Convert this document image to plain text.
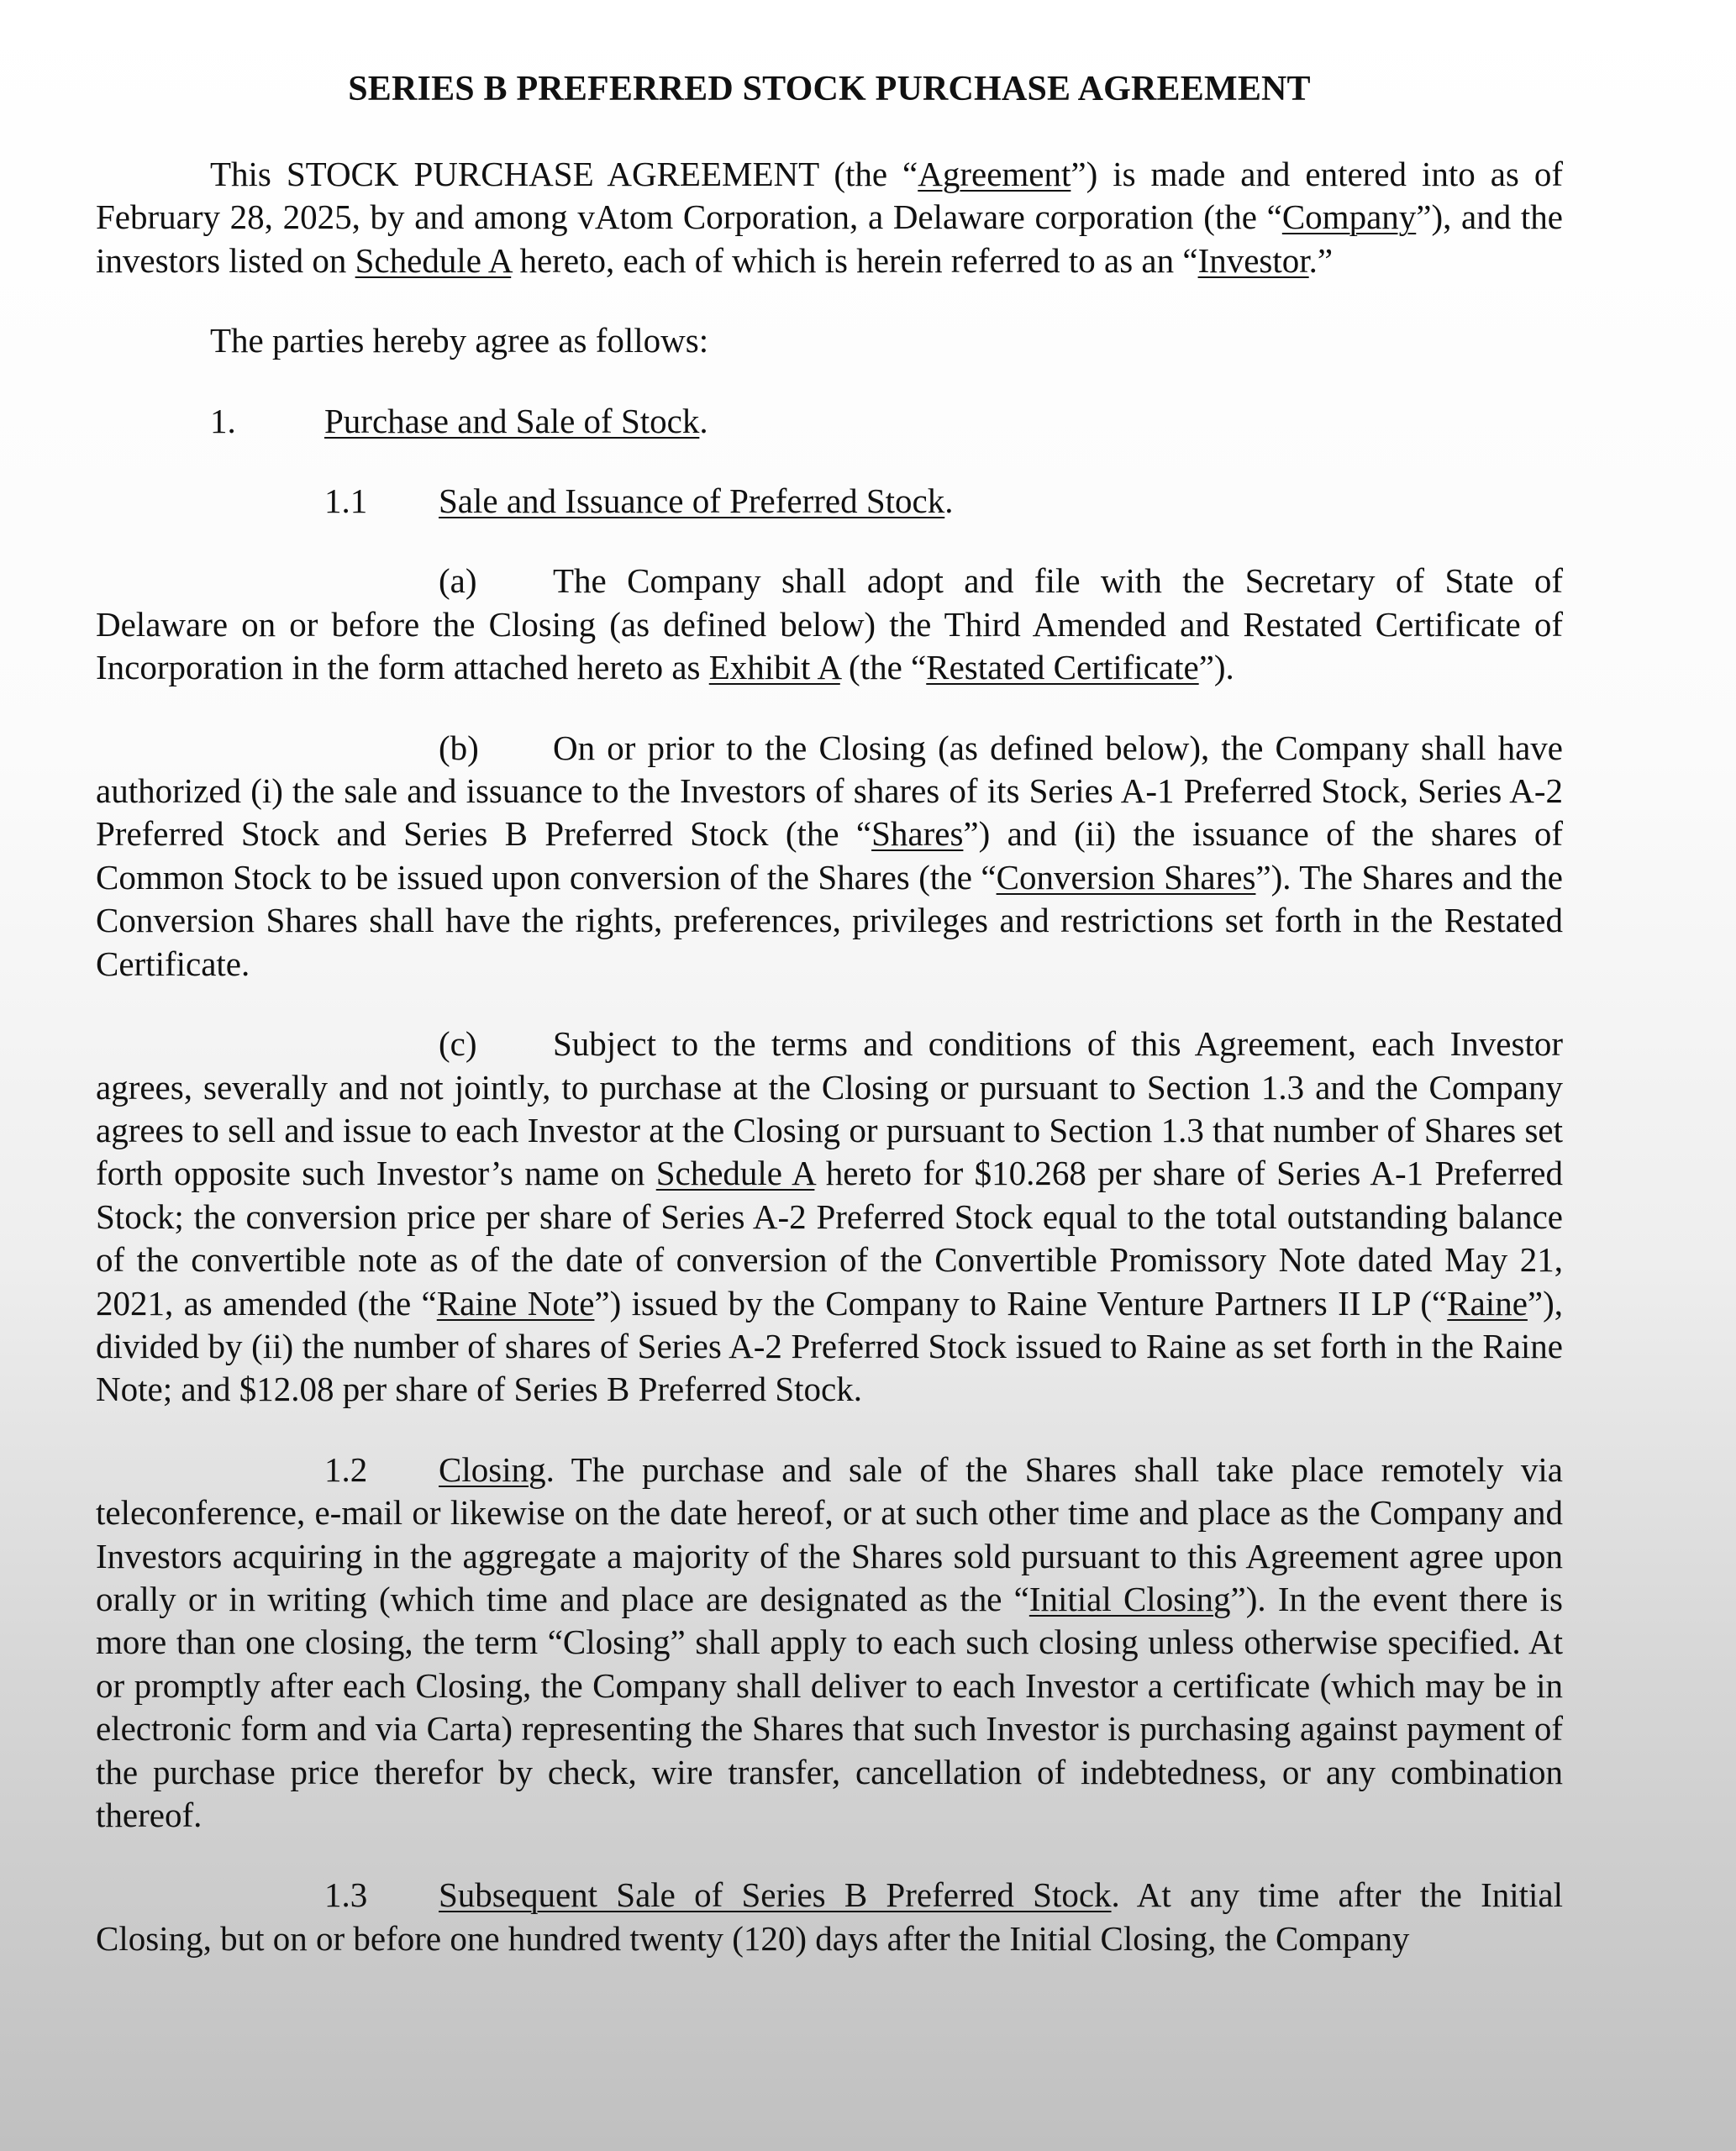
SERIES B PREFERRED STOCK PURCHASE AGREEMENT

This STOCK PURCHASE AGREEMENT (the “Agreement”) is made and entered into as of February 28, 2025, by and among vAtom Corporation, a Delaware corporation (the “Company”), and the investors listed on Schedule A hereto, each of which is herein referred to as an “Investor.”

The parties hereby agree as follows:

1.	Purchase and Sale of Stock.

1.1 Sale and Issuance of Preferred Stock.

(a) The Company shall adopt and file with the Secretary of State of Delaware on or before the Closing (as defined below) the Third Amended and Restated Certificate of Incorporation in the form attached hereto as Exhibit A (the “Restated Certificate”).

(b) On or prior to the Closing (as defined below), the Company shall have authorized (i) the sale and issuance to the Investors of shares of its Series A-1 Preferred Stock, Series A-2 Preferred Stock and Series B Preferred Stock (the “Shares”) and (ii) the issuance of the shares of Common Stock to be issued upon conversion of the Shares (the “Conversion Shares”). The Shares and the Conversion Shares shall have the rights, preferences, privileges and restrictions set forth in the Restated Certificate.

(c) Subject to the terms and conditions of this Agreement, each Investor agrees, severally and not jointly, to purchase at the Closing or pursuant to Section 1.3 and the Company agrees to sell and issue to each Investor at the Closing or pursuant to Section 1.3 that number of Shares set forth opposite such Investor’s name on Schedule A hereto for $10.268 per share of Series A-1 Preferred Stock; the conversion price per share of Series A-2 Preferred Stock equal to the total outstanding balance of the convertible note as of the date of conversion of the Convertible Promissory Note dated May 21, 2021, as amended (the “Raine Note”) issued by the Company to Raine Venture Partners II LP (“Raine”), divided by (ii) the number of shares of Series A-2 Preferred Stock issued to Raine as set forth in the Raine Note; and $12.08 per share of Series B Preferred Stock.

1.2 Closing. The purchase and sale of the Shares shall take place remotely via teleconference, e-mail or likewise on the date hereof, or at such other time and place as the Company and Investors acquiring in the aggregate a majority of the Shares sold pursuant to this Agreement agree upon orally or in writing (which time and place are designated as the “Initial Closing”). In the event there is more than one closing, the term “Closing” shall apply to each such closing unless otherwise specified. At or promptly after each Closing, the Company shall deliver to each Investor a certificate (which may be in electronic form and via Carta) representing the Shares that such Investor is purchasing against payment of the purchase price therefor by check, wire transfer, cancellation of indebtedness, or any combination thereof.

1.3 Subsequent Sale of Series B Preferred Stock. At any time after the Initial Closing, but on or before one hundred twenty (120) days after the Initial Closing, the Company
